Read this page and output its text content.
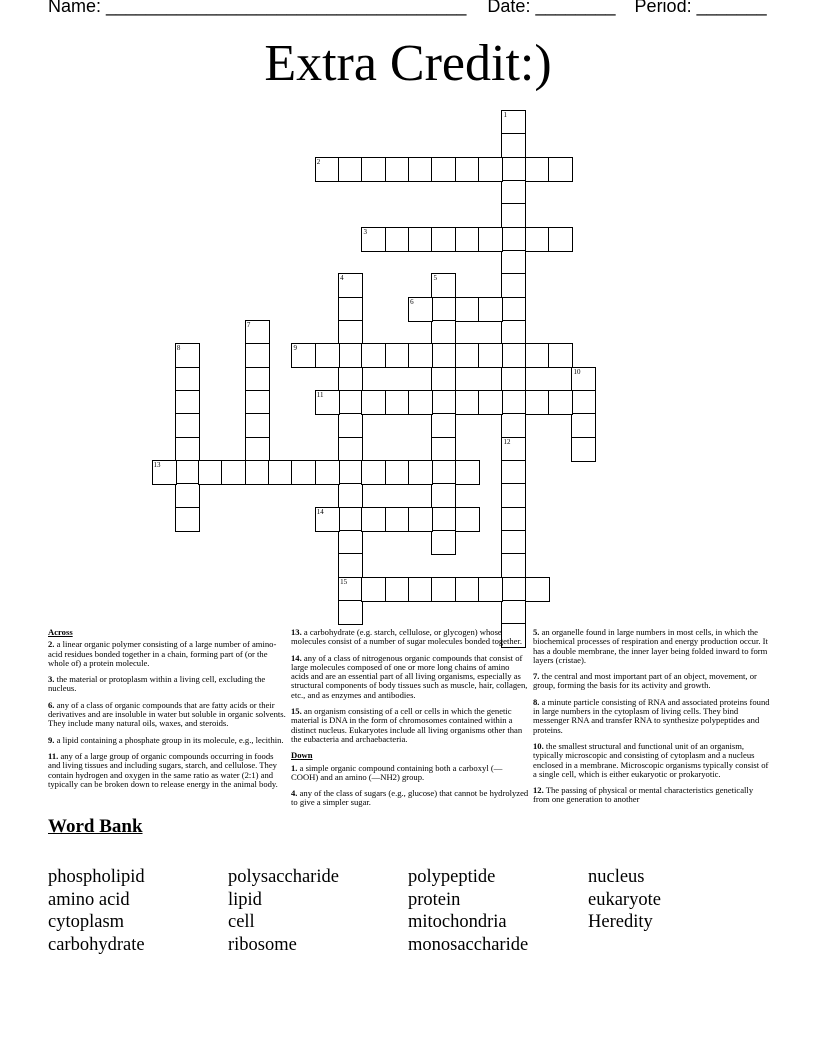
Name: ____________________________________ Date: ________ Period: _______
Extra Credit:)
1
12
2
3
4
15
5
6
7
8	9
10
11
13
14

Across

2. a linear organic polymer consisting of a large number of amino-acid residues bonded together in a chain, forming part of (or the whole of) a protein molecule.

3. the material or protoplasm within a living cell, excluding the nucleus.

6. any of a class of organic compounds that are fatty acids or their derivatives and are insoluble in water but soluble in organic solvents. They include many natural oils, waxes, and steroids.

9. a lipid containing a phosphate group in its molecule, e.g., lecithin.

11. any of a large group of organic compounds occurring in foods and living tissues and including sugars, starch, and cellulose. They contain hydrogen and oxygen in the same ratio as water (2:1) and typically can be broken down to release energy in the animal body.

13. a carbohydrate (e.g. starch, cellulose, or glycogen) whose molecules consist of a number of sugar molecules bonded together.

14. any of a class of nitrogenous organic compounds that consist of large molecules composed of one or more long chains of amino acids and are an essential part of all living organisms, especially as structural components of body tissues such as muscle, hair, collagen, etc., and as enzymes and antibodies.

15. an organism consisting of a cell or cells in which the genetic material is DNA in the form of chromosomes contained within a distinct nucleus. Eukaryotes include all living organisms other than the eubacteria and archaebacteria.

Down

1. a simple organic compound containing both a carboxyl (—COOH) and an amino (—NH2) group.

4. any of the class of sugars (e.g., glucose) that cannot be hydrolyzed to give a simpler sugar.

5. an organelle found in large numbers in most cells, in which the biochemical processes of respiration and energy production occur. It has a double membrane, the inner layer being folded inward to form layers (cristae).

7. the central and most important part of an object, movement, or group, forming the basis for its activity and growth.

8. a minute particle consisting of RNA and associated proteins found in large numbers in the cytoplasm of living cells. They bind messenger RNA and transfer RNA to synthesize polypeptides and proteins.

10. the smallest structural and functional unit of an organism, typically microscopic and consisting of cytoplasm and a nucleus enclosed in a membrane. Microscopic organisms typically consist of a single cell, which is either eukaryotic or prokaryotic.

12. The passing of physical or mental characteristics genetically from one generation to another

Word Bank
phospholipid
amino acid
cytoplasm
carbohydrate
polysaccharide
lipid
cell
ribosome
polypeptide
protein
mitochondria
monosaccharide
nucleus
eukaryote
Heredity
